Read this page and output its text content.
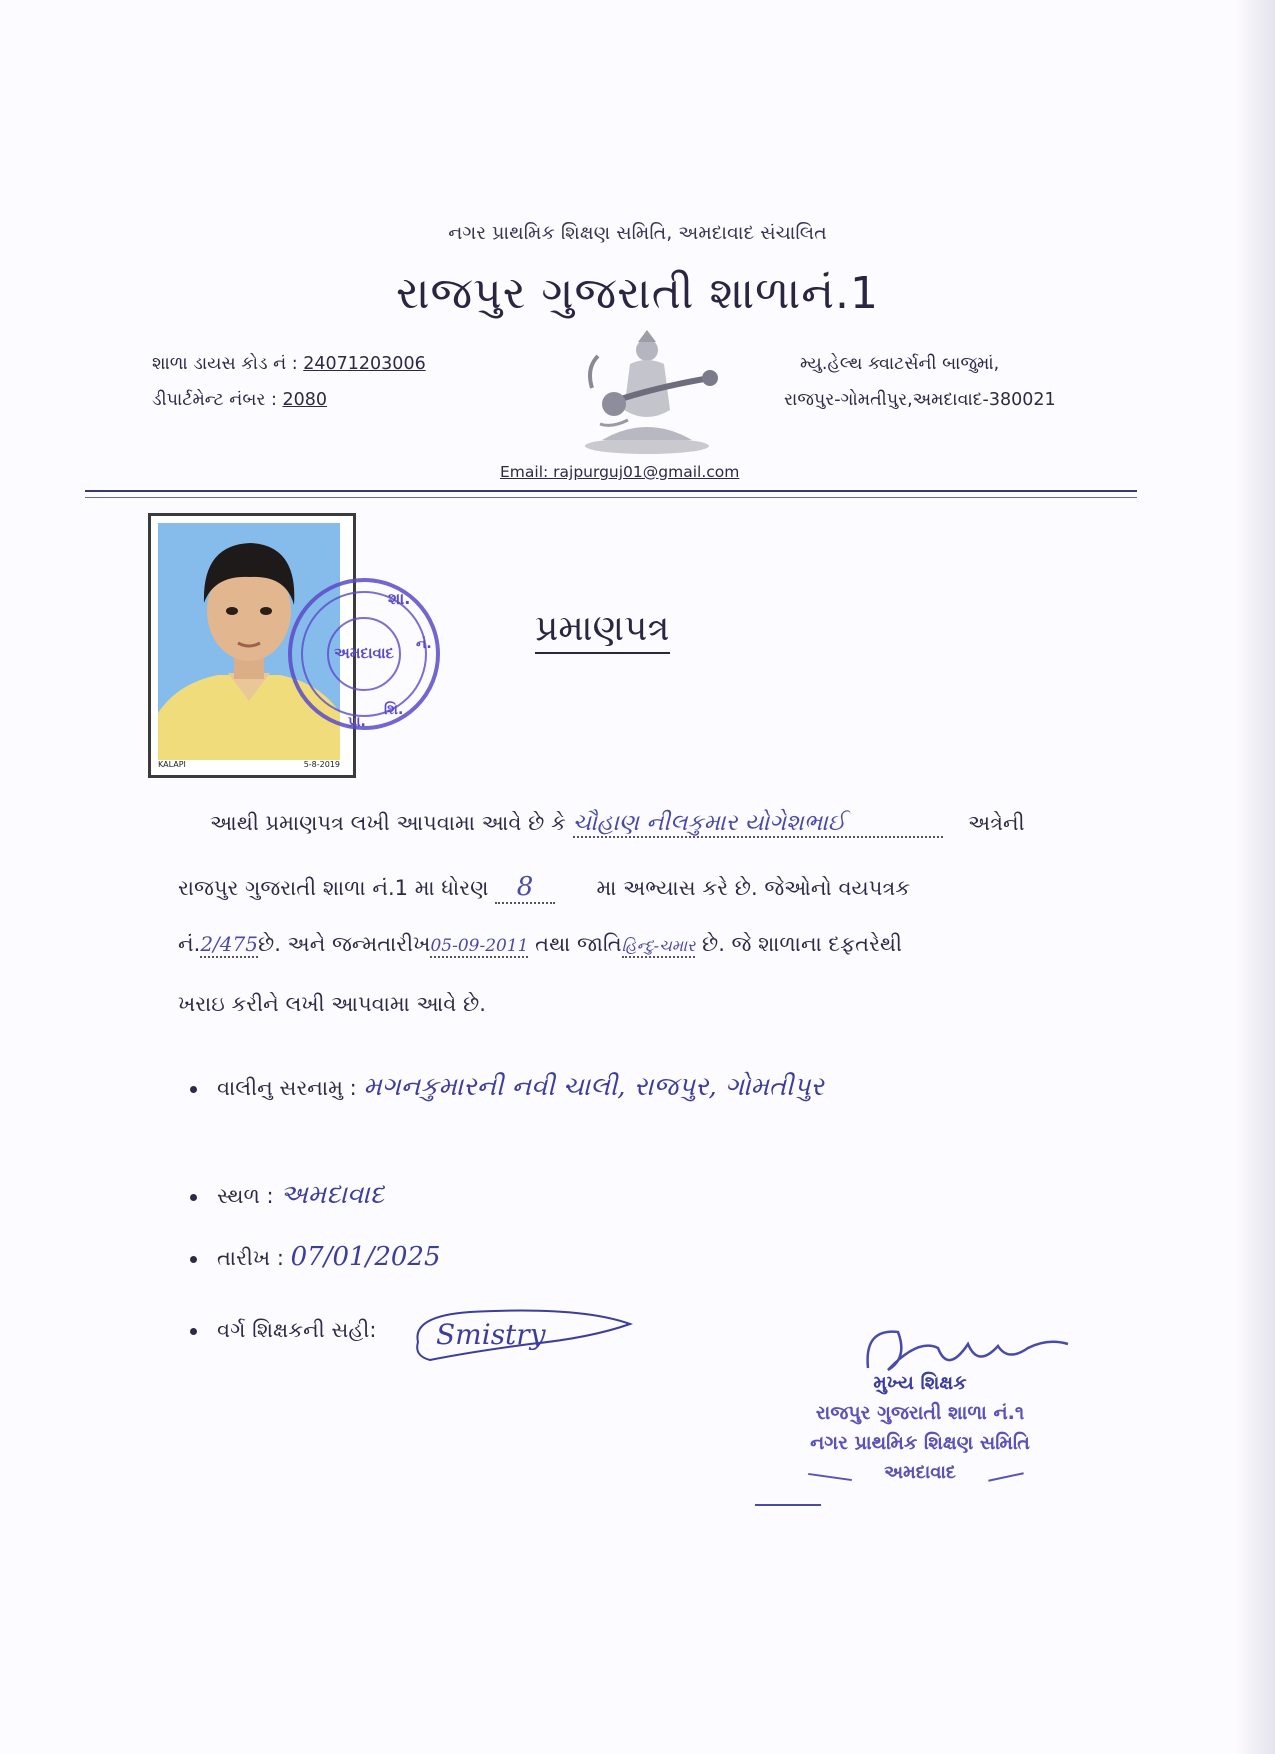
નગર પ્રાથમિક શિક્ષણ સમિતિ, અમદાવાદ સંચાલિત
રાજપુર ગુજરાતી શાળાનં.1
શાળા ડાયસ કોડ નં : 24071203006
ડીપાર્ટમેન્ટ નંબર : 2080
મ્યુ.હેલ્થ ક્વાટર્સની બાજુમાં,
રાજપુર-ગોમતીપુર,અમદાવાદ-380021
Email: rajpurguj01@gmail.com
KALAPI	5-8-2019
શા.
નં.
શિ.
પ્રા.
અમદાવાદ
પ્રમાણપત્ર
આથી પ્રમાણપત્ર લખી આપવામા આવે છે કે ચૌહાણ નીલકુમાર યોગેશભાઈ	અત્રેની
રાજપુર ગુજરાતી શાળા નં.1 મા ધોરણ 8	મા અભ્યાસ કરે છે. જેઓનો વયપત્રક
નં.2/475છે. અને જન્મતારીખ05-09-2011 તથા જાતિહિન્દુ-ચમાર છે. જે શાળાના દફતરેથી
ખરાઇ કરીને લખી આપવામા આવે છે.
વાલીનુ સરનામુ : મગનકુમારની નવી ચાલી, રાજપુર, ગોમતીપુર
સ્થળ : અમદાવાદ
તારીખ : 07/01/2025
વર્ગ શિક્ષકની સહી: Smistry
મુખ્ય શિક્ષક
રાજપુર ગુજરાતી શાળા નં.૧
નગર પ્રાથમિક શિક્ષણ સમિતિ
અમદાવાદ
